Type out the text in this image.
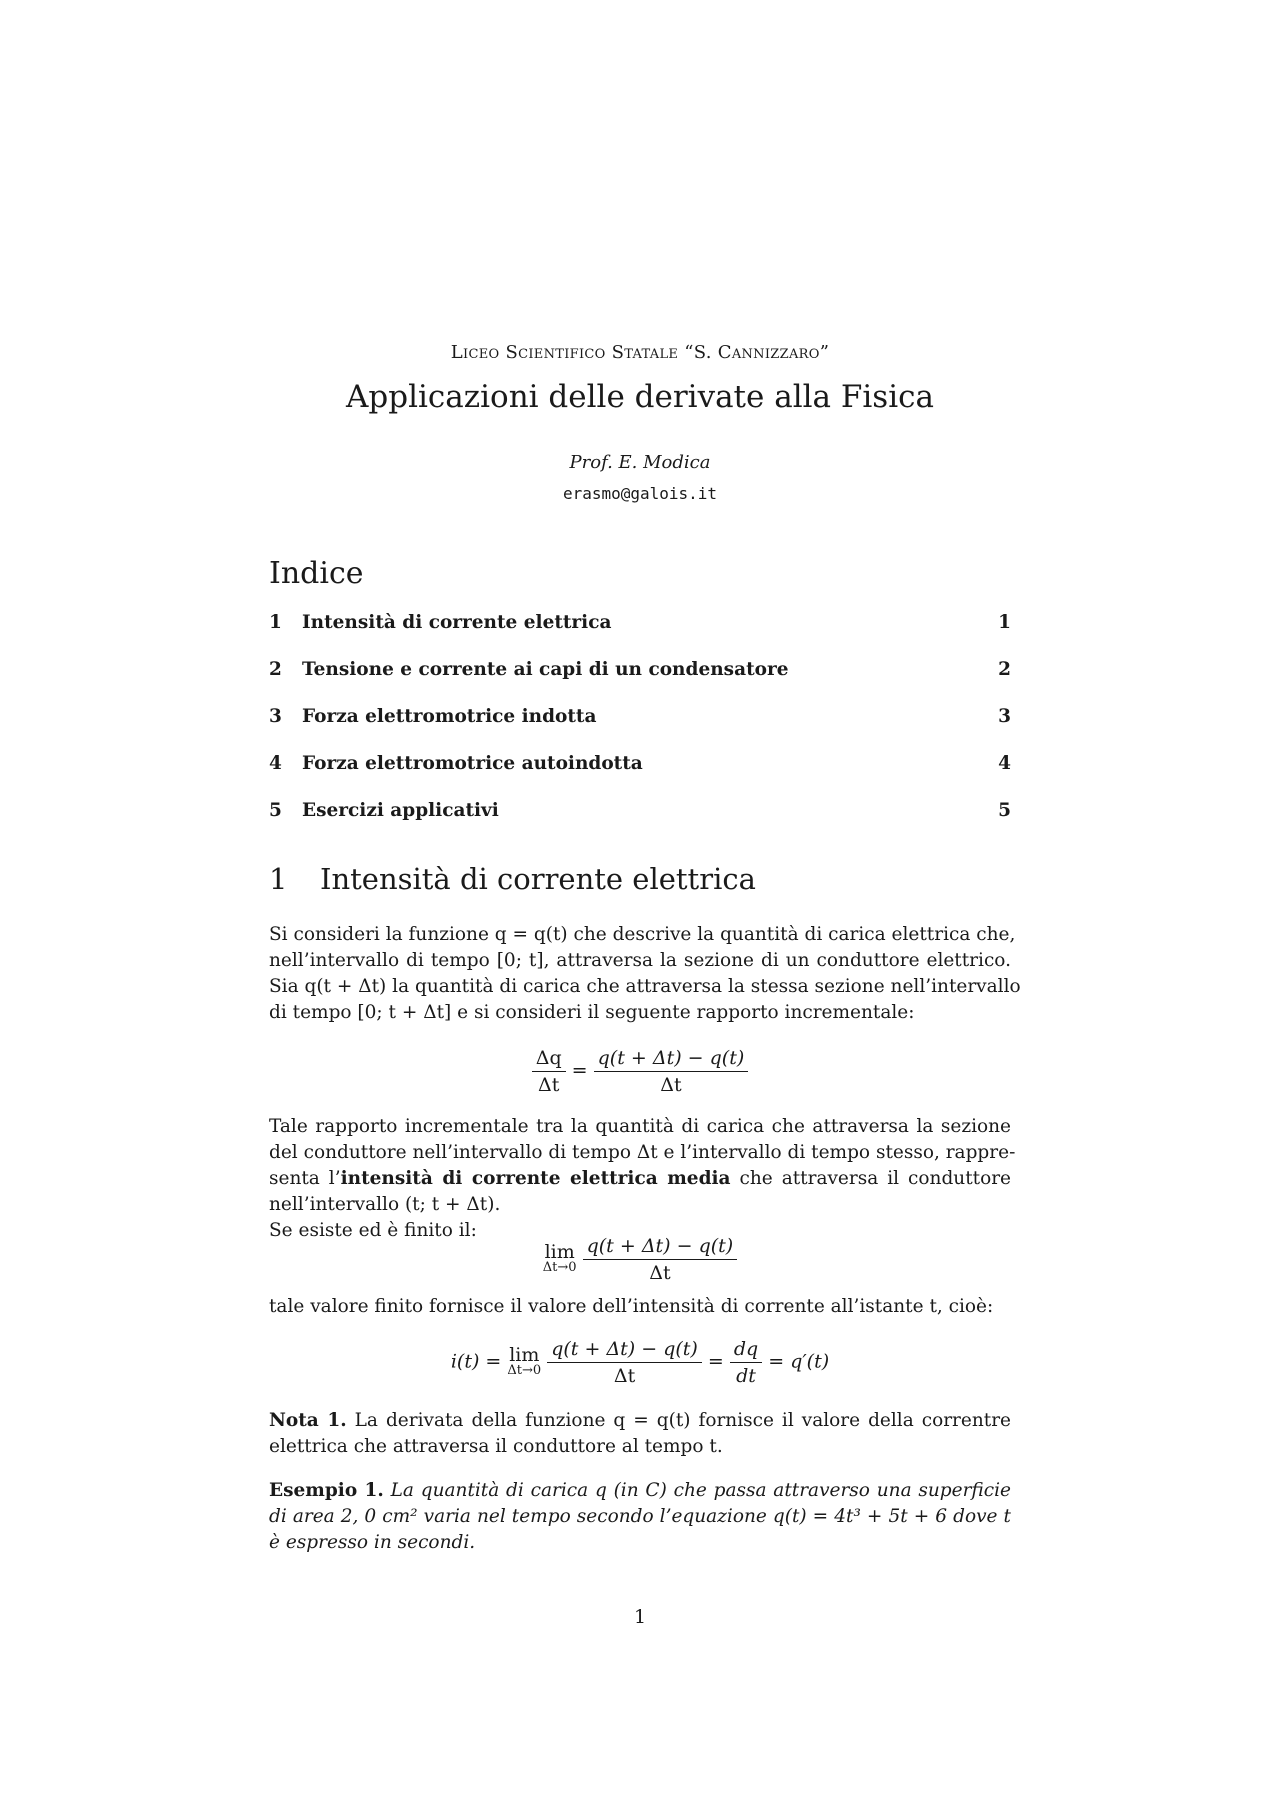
Liceo Scientifico Statale “S. Cannizzaro”
Applicazioni delle derivate alla Fisica
Prof. E. Modica
erasmo@galois.it
Indice
1 Intensità di corrente elettrica	1
2 Tensione e corrente ai capi di un condensatore	2
3 Forza elettromotrice indotta	3
4 Forza elettromotrice autoindotta	4
5 Esercizi applicativi	5
1 Intensità di corrente elettrica
Si consideri la funzione q = q(t) che descrive la quantità di carica elettrica che,
nell’intervallo di tempo [0; t], attraversa la sezione di un conduttore elettrico.
Sia q(t + Δt) la quantità di carica che attraversa la stessa sezione nell’intervallo
di tempo [0; t + Δt] e si consideri il seguente rapporto incrementale:
$\frac{\Delta q}{\Delta t} = \frac{q(t + \Delta t) - q(t)}{\Delta t}$
Tale rapporto incrementale tra la quantità di carica che attraversa la sezione
del conduttore nell’intervallo di tempo Δt e l’intervallo di tempo stesso, rappre-
senta l’intensità di corrente elettrica media che attraversa il conduttore
nell’intervallo (t; t + Δt).
Se esiste ed è finito il:
lim
Δt→0
$\frac{q(t + \Delta t) - q(t)}{\Delta t}$
tale valore finito fornisce il valore dell’intensità di corrente all’istante t, cioè:
i(t) = lim
Δt→0
$\frac{q(t + \Delta t) - q(t)}{\Delta t} = \frac{dq}{dt} = q'(t)$
Nota 1. La derivata della funzione q = q(t) fornisce il valore della correntre
elettrica che attraversa il conduttore al tempo t.
Esempio 1. La quantità di carica q (in C) che passa attraverso una superficie
di area 2, 0 cm² varia nel tempo secondo l’equazione q(t) = 4t³ + 5t + 6 dove t
è espresso in secondi.
1
